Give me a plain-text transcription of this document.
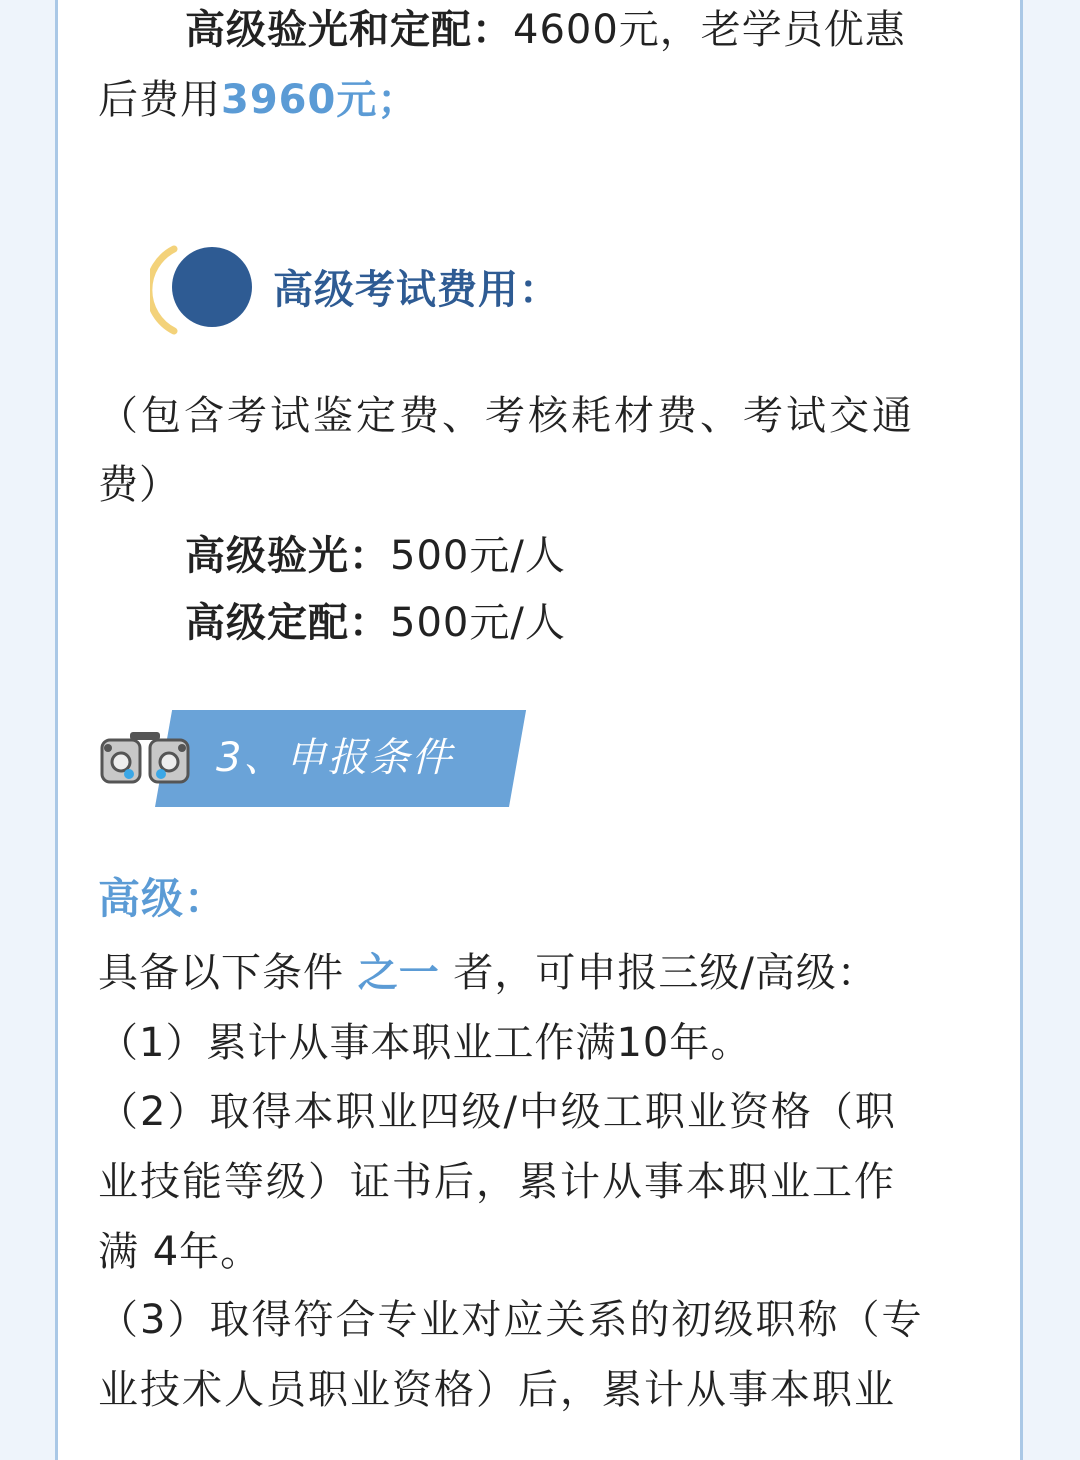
高级验光和定配：4600元，老学员优惠
后费用3960元；
高级考试费用：
（包含考试鉴定费、考核耗材费、考试交通
费）
高级验光：500元/人
高级定配：500元/人
3、申报条件
高级：
具备以下条件 之一 者，可申报三级/高级：
（1）累计从事本职业工作满10年。
（2）取得本职业四级/中级工职业资格（职
业技能等级）证书后，累计从事本职业工作
满 4年。
（3）取得符合专业对应关系的初级职称（专
业技术人员职业资格）后，累计从事本职业
